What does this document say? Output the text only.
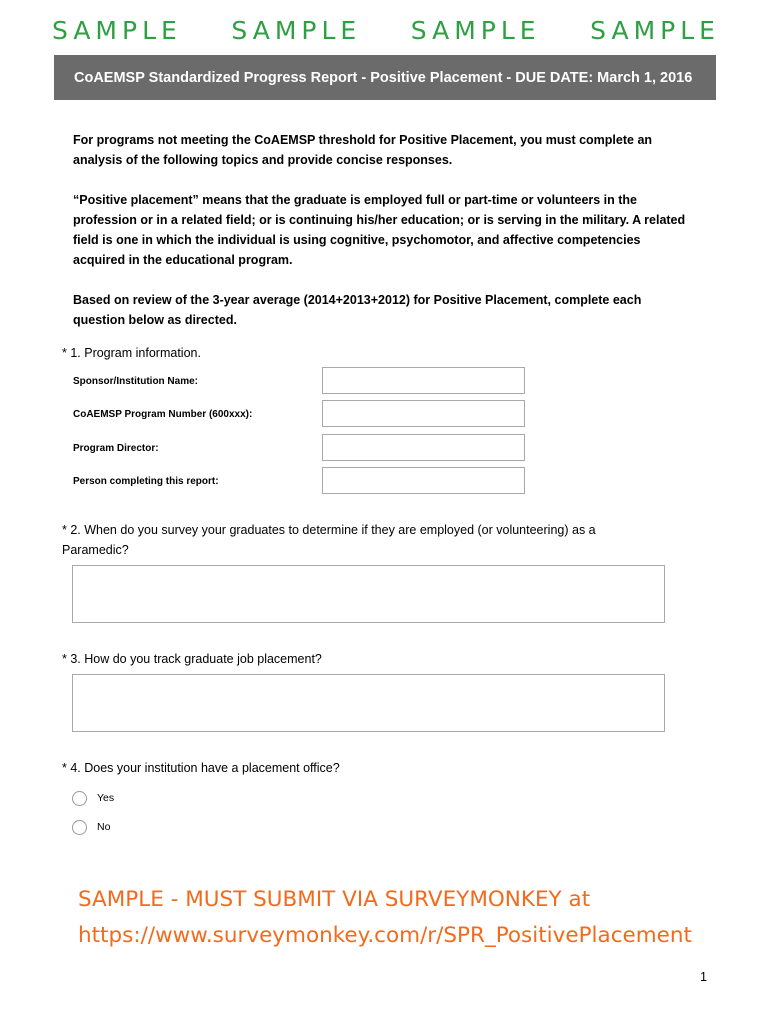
SAMPLE SAMPLE SAMPLE SAMPLE
CoAEMSP Standardized Progress Report - Positive Placement - DUE DATE: March 1, 2016
For programs not meeting the CoAEMSP threshold for Positive Placement, you must complete an analysis of the following topics and provide concise responses.
“Positive placement” means that the graduate is employed full or part-time or volunteers in the profession or in a related field; or is continuing his/her education; or is serving in the military. A related field is one in which the individual is using cognitive, psychomotor, and affective competencies acquired in the educational program.
Based on review of the 3-year average (2014+2013+2012) for Positive Placement, complete each question below as directed.
* 1. Program information.
Sponsor/Institution Name:
CoAEMSP Program Number (600xxx):
Program Director:
Person completing this report:
* 2. When do you survey your graduates to determine if they are employed (or volunteering) as a Paramedic?
* 3. How do you track graduate job placement?
* 4. Does your institution have a placement office?
Yes
No
SAMPLE - MUST SUBMIT VIA SURVEYMONKEY at
https://www.surveymonkey.com/r/SPR_PositivePlacement
1
